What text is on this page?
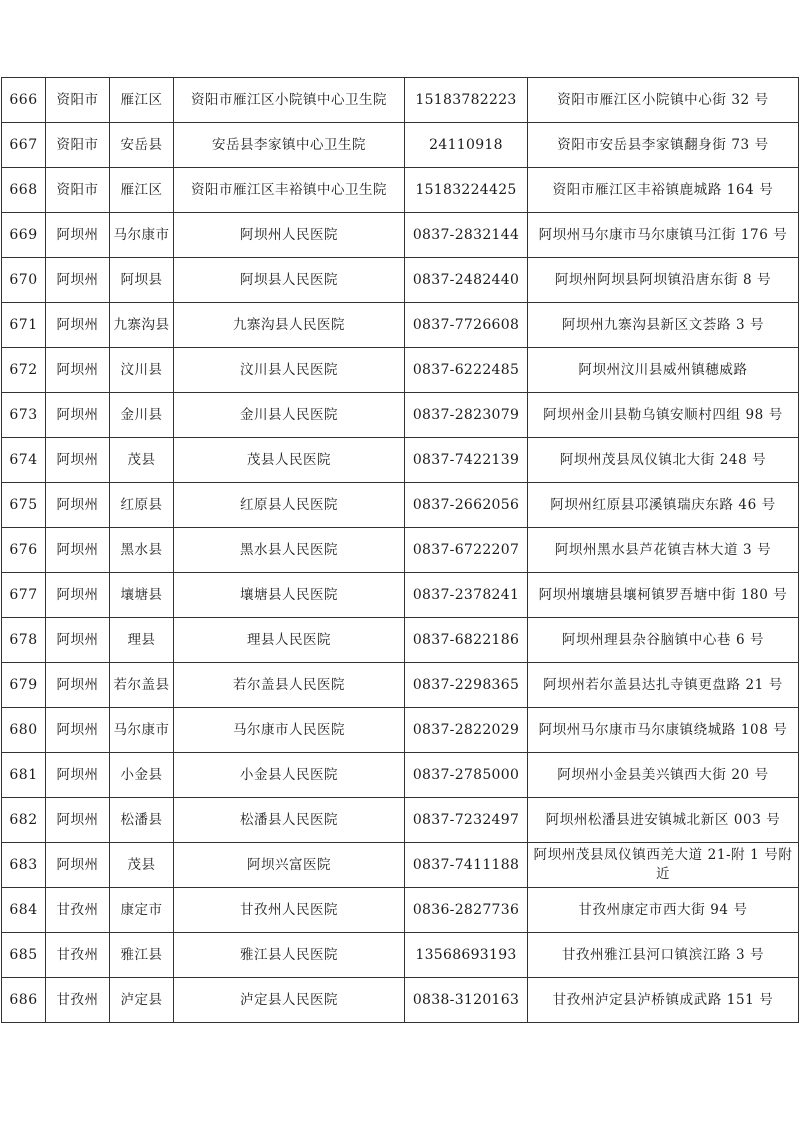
666	资阳市	雁江区	资阳市雁江区小院镇中心卫生院	15183782223	资阳市雁江区小院镇中心街 32 号
667	资阳市	安岳县	安岳县李家镇中心卫生院	24110918	资阳市安岳县李家镇翻身街 73 号
668	资阳市	雁江区	资阳市雁江区丰裕镇中心卫生院	15183224425	资阳市雁江区丰裕镇鹿城路 164 号
669	阿坝州	马尔康市	阿坝州人民医院	0837-2832144	阿坝州马尔康市马尔康镇马江街 176 号
670	阿坝州	阿坝县	阿坝县人民医院	0837-2482440	阿坝州阿坝县阿坝镇沿唐东街 8 号
671	阿坝州	九寨沟县	九寨沟县人民医院	0837-7726608	阿坝州九寨沟县新区文荟路 3 号
672	阿坝州	汶川县	汶川县人民医院	0837-6222485	阿坝州汶川县威州镇穗威路
673	阿坝州	金川县	金川县人民医院	0837-2823079	阿坝州金川县勒乌镇安顺村四组 98 号
674	阿坝州	茂县	茂县人民医院	0837-7422139	阿坝州茂县凤仪镇北大街 248 号
675	阿坝州	红原县	红原县人民医院	0837-2662056	阿坝州红原县邛溪镇瑞庆东路 46 号
676	阿坝州	黑水县	黑水县人民医院	0837-6722207	阿坝州黑水县芦花镇吉林大道 3 号
677	阿坝州	壤塘县	壤塘县人民医院	0837-2378241	阿坝州壤塘县壤柯镇罗吾塘中街 180 号
678	阿坝州	理县	理县人民医院	0837-6822186	阿坝州理县杂谷脑镇中心巷 6 号
679	阿坝州	若尔盖县	若尔盖县人民医院	0837-2298365	阿坝州若尔盖县达扎寺镇更盘路 21 号
680	阿坝州	马尔康市	马尔康市人民医院	0837-2822029	阿坝州马尔康市马尔康镇绕城路 108 号
681	阿坝州	小金县	小金县人民医院	0837-2785000	阿坝州小金县美兴镇西大街 20 号
682	阿坝州	松潘县	松潘县人民医院	0837-7232497	阿坝州松潘县进安镇城北新区 003 号
683	阿坝州	茂县	阿坝兴富医院	0837-7411188	阿坝州茂县凤仪镇西羌大道 21-附 1 号附近
684	甘孜州	康定市	甘孜州人民医院	0836-2827736	甘孜州康定市西大街 94 号
685	甘孜州	雅江县	雅江县人民医院	13568693193	甘孜州雅江县河口镇滨江路 3 号
686	甘孜州	泸定县	泸定县人民医院	0838-3120163	甘孜州泸定县泸桥镇成武路 151 号
